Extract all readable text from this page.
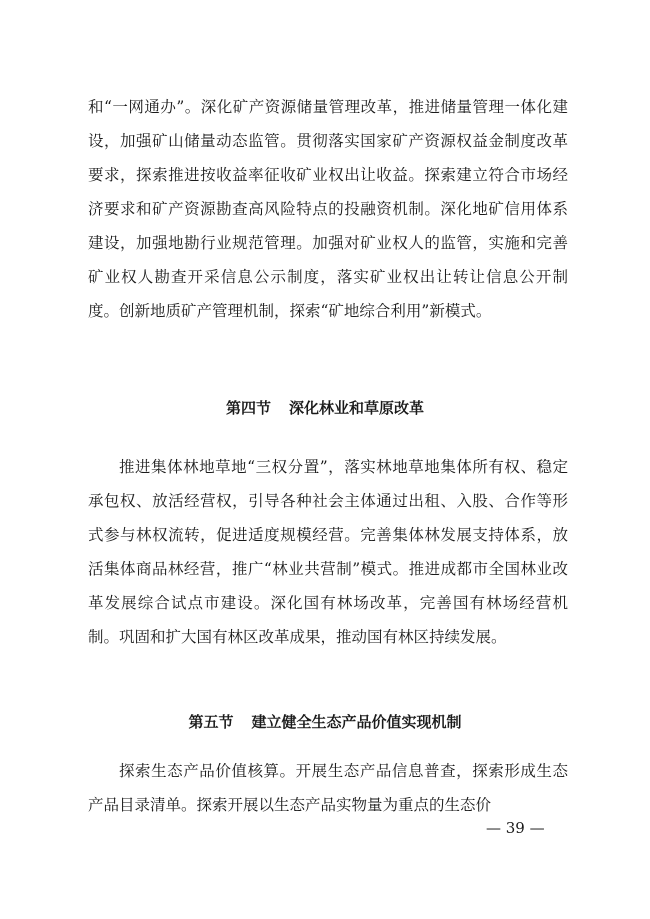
和“一网通办”。深化矿产资源储量管理改革，推进储量管理一体化建设，加强矿山储量动态监管。贯彻落实国家矿产资源权益金制度改革要求，探索推进按收益率征收矿业权出让收益。探索建立符合市场经济要求和矿产资源勘查高风险特点的投融资机制。深化地矿信用体系建设，加强地勘行业规范管理。加强对矿业权人的监管，实施和完善矿业权人勘查开采信息公示制度，落实矿业权出让转让信息公开制度。创新地质矿产管理机制，探索“矿地综合利用”新模式。

第四节 深化林业和草原改革

推进集体林地草地“三权分置”，落实林地草地集体所有权、稳定承包权、放活经营权，引导各种社会主体通过出租、入股、合作等形式参与林权流转，促进适度规模经营。完善集体林发展支持体系，放活集体商品林经营，推广“林业共营制”模式。推进成都市全国林业改革发展综合试点市建设。深化国有林场改革，完善国有林场经营机制。巩固和扩大国有林区改革成果，推动国有林区持续发展。

第五节 建立健全生态产品价值实现机制

探索生态产品价值核算。开展生态产品信息普查，探索形成生态产品目录清单。探索开展以生态产品实物量为重点的生态价

— 39 —
